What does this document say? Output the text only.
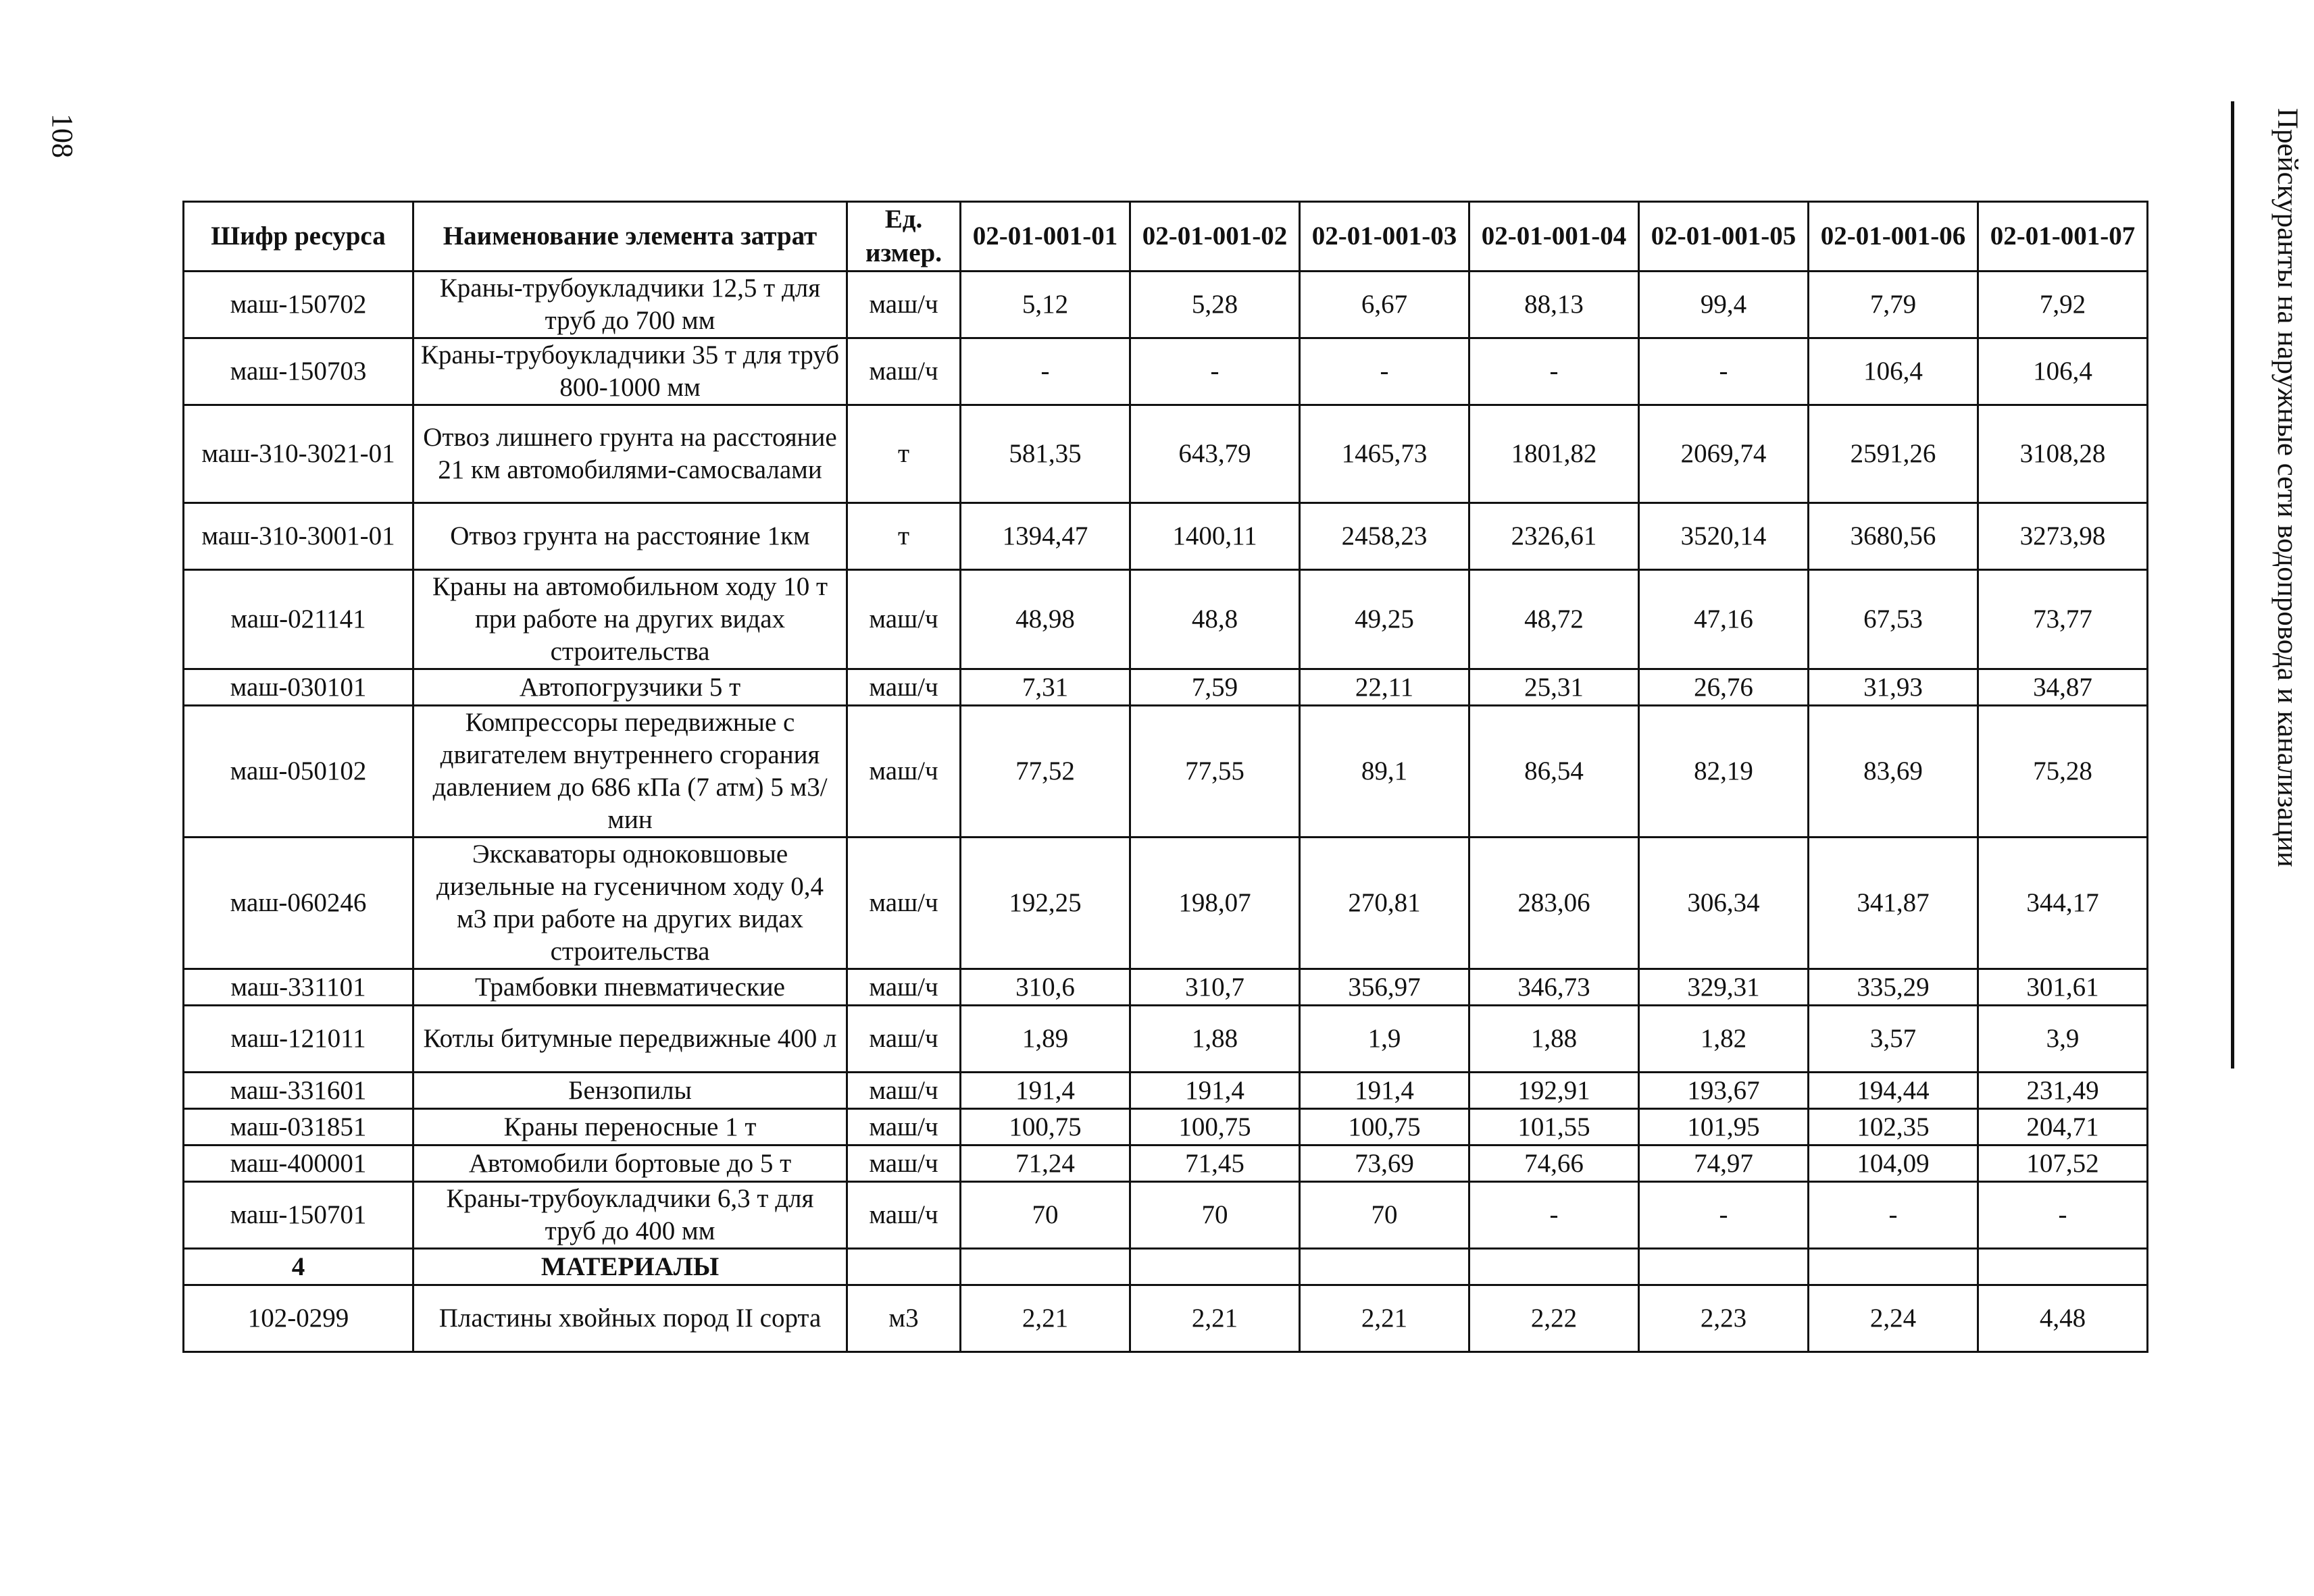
108	Прейскуранты на наружные сети водопровода и канализации
Шифр ресурса	Наименование элемента затрат	Ед. измер.	02-01-001-01	02-01-001-02	02-01-001-03	02-01-001-04	02-01-001-05	02-01-001-06	02-01-001-07
маш-150702	Краны-трубоукладчики 12,5 т для труб до 700 мм	маш/ч	5,12	5,28	6,67	88,13	99,4	7,79	7,92
маш-150703	Краны-трубоукладчики 35 т для труб 800-1000 мм	маш/ч	-	-	-	-	-	106,4	106,4
маш-310-3021-01	Отвоз лишнего грунта на расстояние 21 км автомобилями-самосвалами	т	581,35	643,79	1465,73	1801,82	2069,74	2591,26	3108,28
маш-310-3001-01	Отвоз грунта на расстояние 1км	т	1394,47	1400,11	2458,23	2326,61	3520,14	3680,56	3273,98
маш-021141	Краны на автомобильном ходу 10 т при работе на других видах строительства	маш/ч	48,98	48,8	49,25	48,72	47,16	67,53	73,77
маш-030101	Автопогрузчики 5 т	маш/ч	7,31	7,59	22,11	25,31	26,76	31,93	34,87
маш-050102	Компрессоры передвижные с двигателем внутреннего сгорания давлением до 686 кПа (7 атм) 5 м3/мин	маш/ч	77,52	77,55	89,1	86,54	82,19	83,69	75,28
маш-060246	Экскаваторы одноковшовые дизельные на гусеничном ходу 0,4 м3 при работе на других видах строительства	маш/ч	192,25	198,07	270,81	283,06	306,34	341,87	344,17
маш-331101	Трамбовки пневматические	маш/ч	310,6	310,7	356,97	346,73	329,31	335,29	301,61
маш-121011	Котлы битумные передвижные 400 л	маш/ч	1,89	1,88	1,9	1,88	1,82	3,57	3,9
маш-331601	Бензопилы	маш/ч	191,4	191,4	191,4	192,91	193,67	194,44	231,49
маш-031851	Краны переносные 1 т	маш/ч	100,75	100,75	100,75	101,55	101,95	102,35	204,71
маш-400001	Автомобили бортовые до 5 т	маш/ч	71,24	71,45	73,69	74,66	74,97	104,09	107,52
маш-150701	Краны-трубоукладчики 6,3 т для труб до 400 мм	маш/ч	70	70	70	-	-	-	-
4	МАТЕРИАЛЫ								
102-0299	Пластины хвойных пород II сорта	м3	2,21	2,21	2,21	2,22	2,23	2,24	4,48
